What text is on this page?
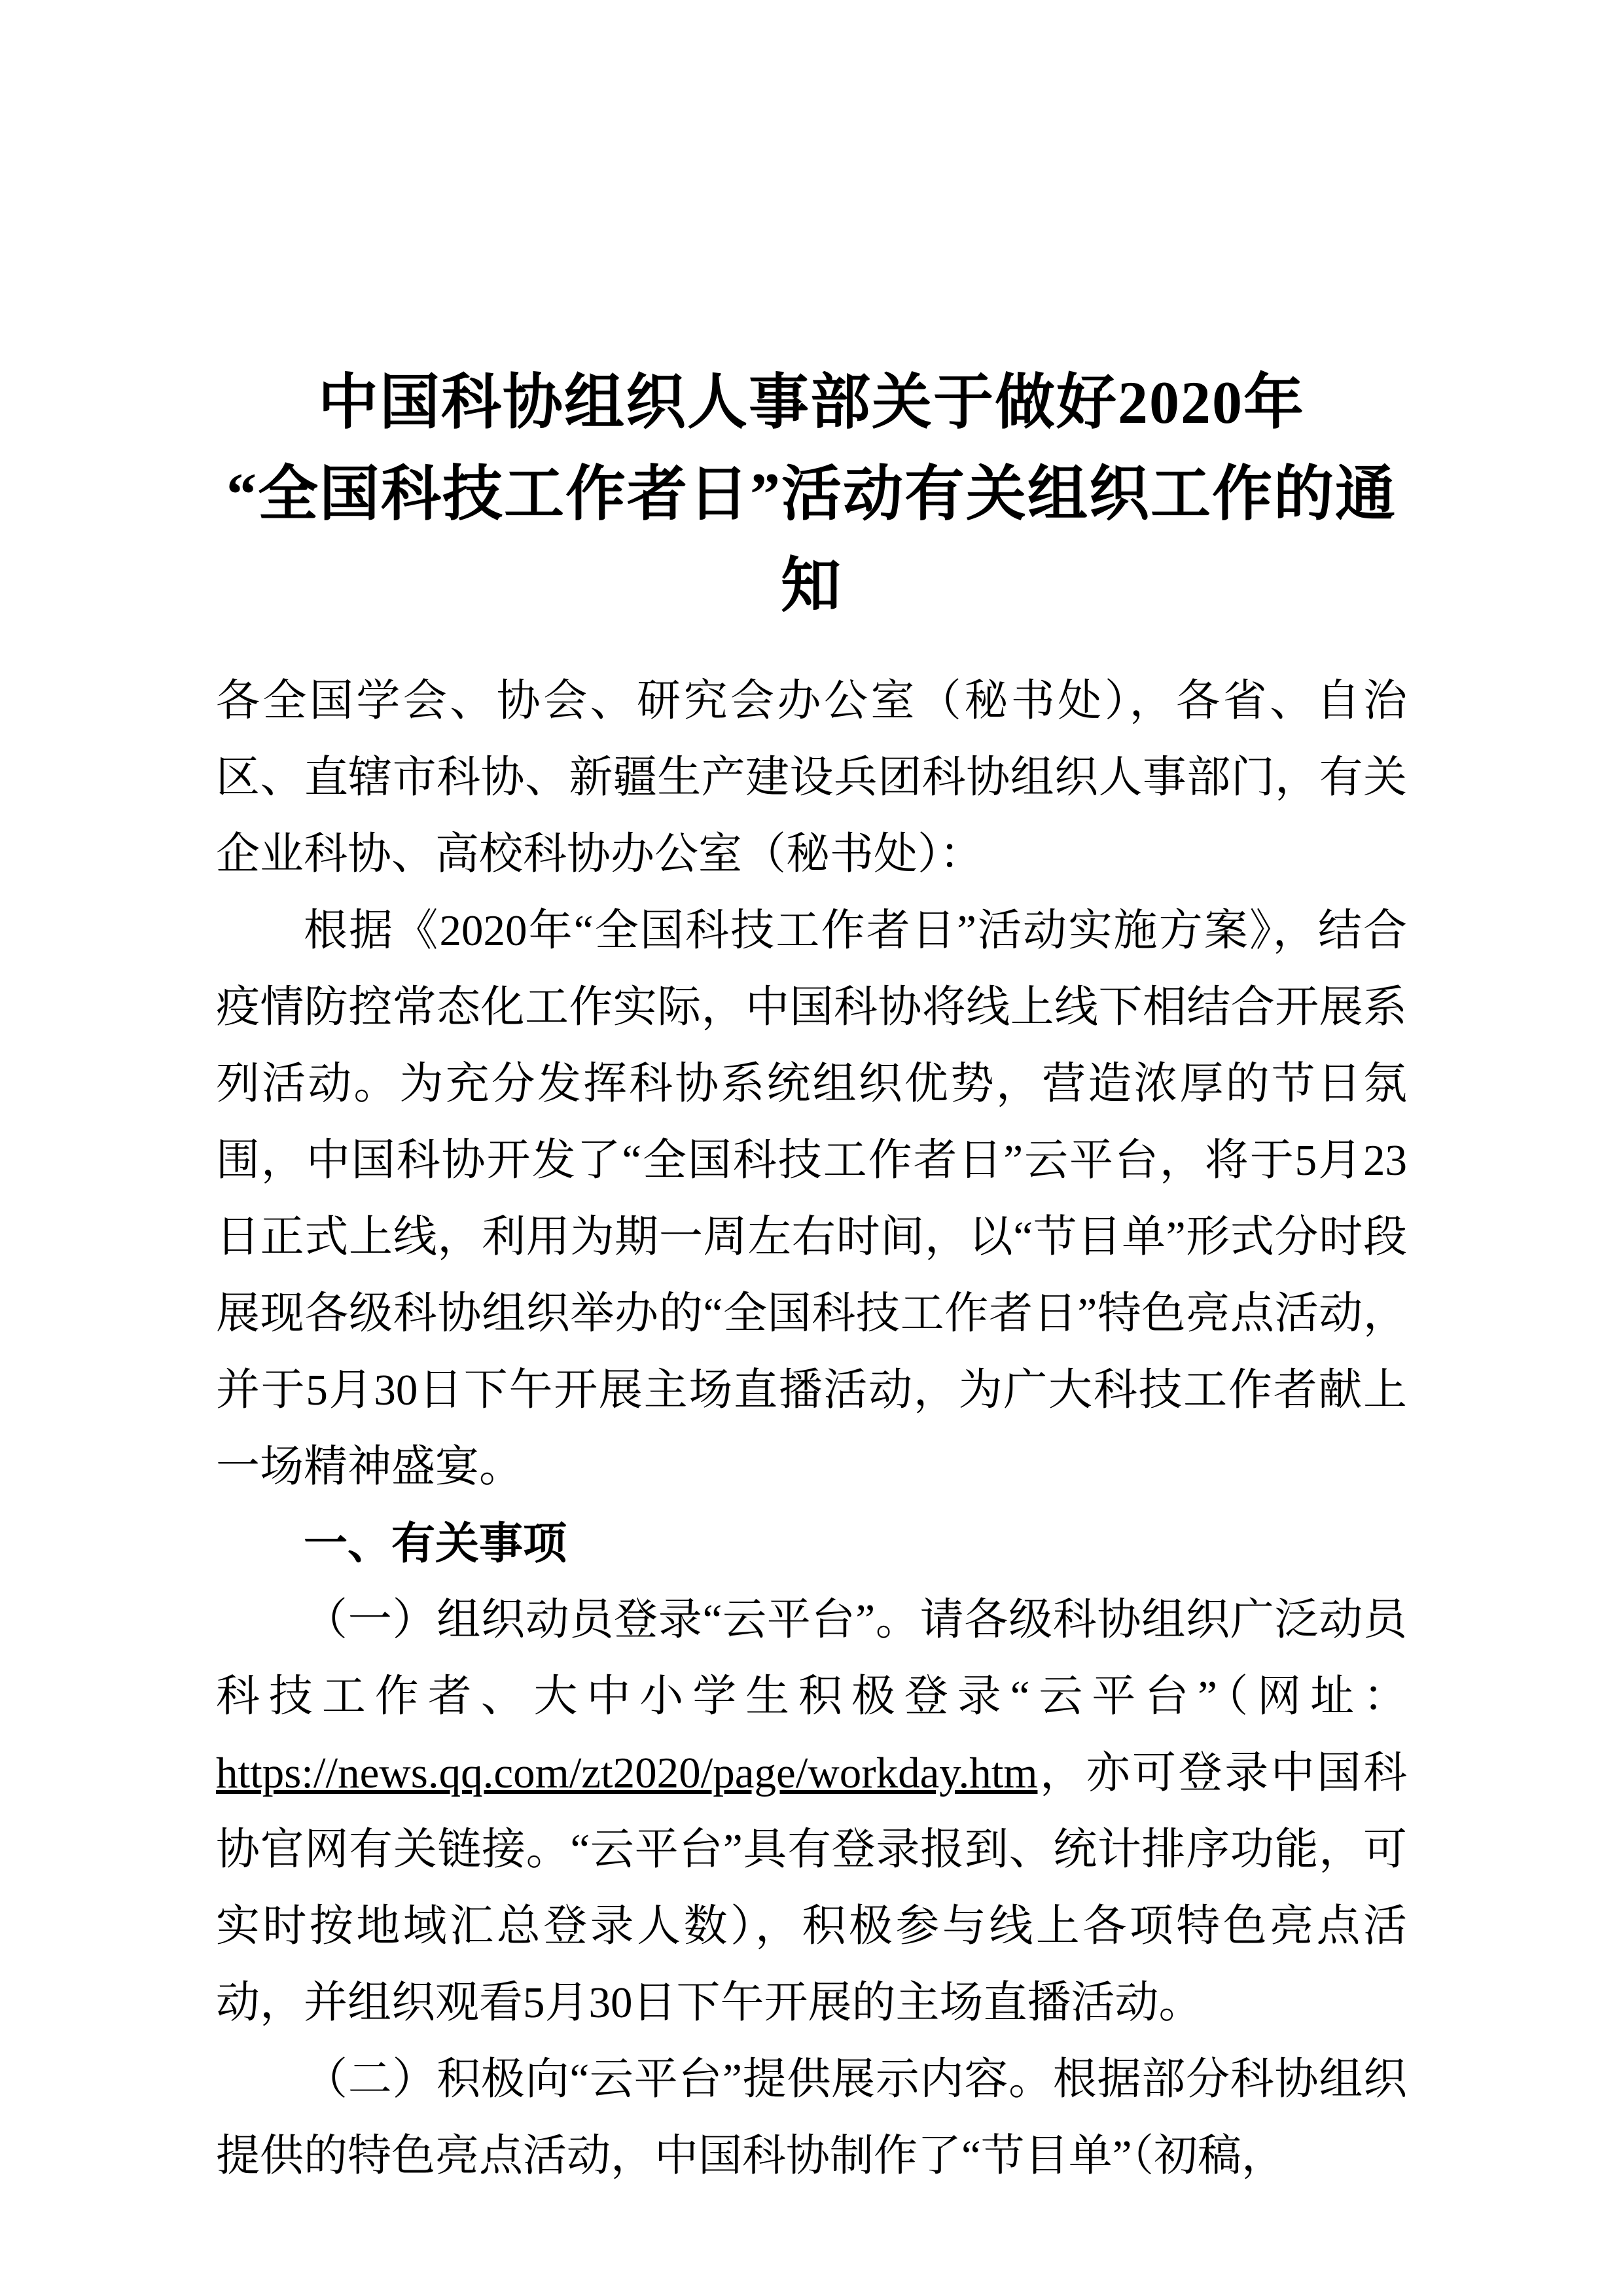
中国科协组织人事部关于做好2020年
“全国科技工作者日”活动有关组织工作的通知

各全国学会、协会、研究会办公室（秘书处），各省、自治区、直辖市科协、新疆生产建设兵团科协组织人事部门，有关企业科协、高校科协办公室（秘书处）：

根据《2020年“全国科技工作者日”活动实施方案》，结合疫情防控常态化工作实际，中国科协将线上线下相结合开展系列活动。为充分发挥科协系统组织优势，营造浓厚的节日氛围，中国科协开发了“全国科技工作者日”云平台，将于5月23日正式上线，利用为期一周左右时间，以“节目单”形式分时段展现各级科协组织举办的“全国科技工作者日”特色亮点活动，并于5月30日下午开展主场直播活动，为广大科技工作者献上一场精神盛宴。

一、有关事项

（一）组织动员登录“云平台”。请各级科协组织广泛动员科技工作者、大中小学生积极登录“云平台”（网址：https://news.qq.com/zt2020/page/workday.htm，亦可登录中国科协官网有关链接。“云平台”具有登录报到、统计排序功能，可实时按地域汇总登录人数），积极参与线上各项特色亮点活动，并组织观看5月30日下午开展的主场直播活动。

（二）积极向“云平台”提供展示内容。根据部分科协组织提供的特色亮点活动，中国科协制作了“节目单”（初稿，
